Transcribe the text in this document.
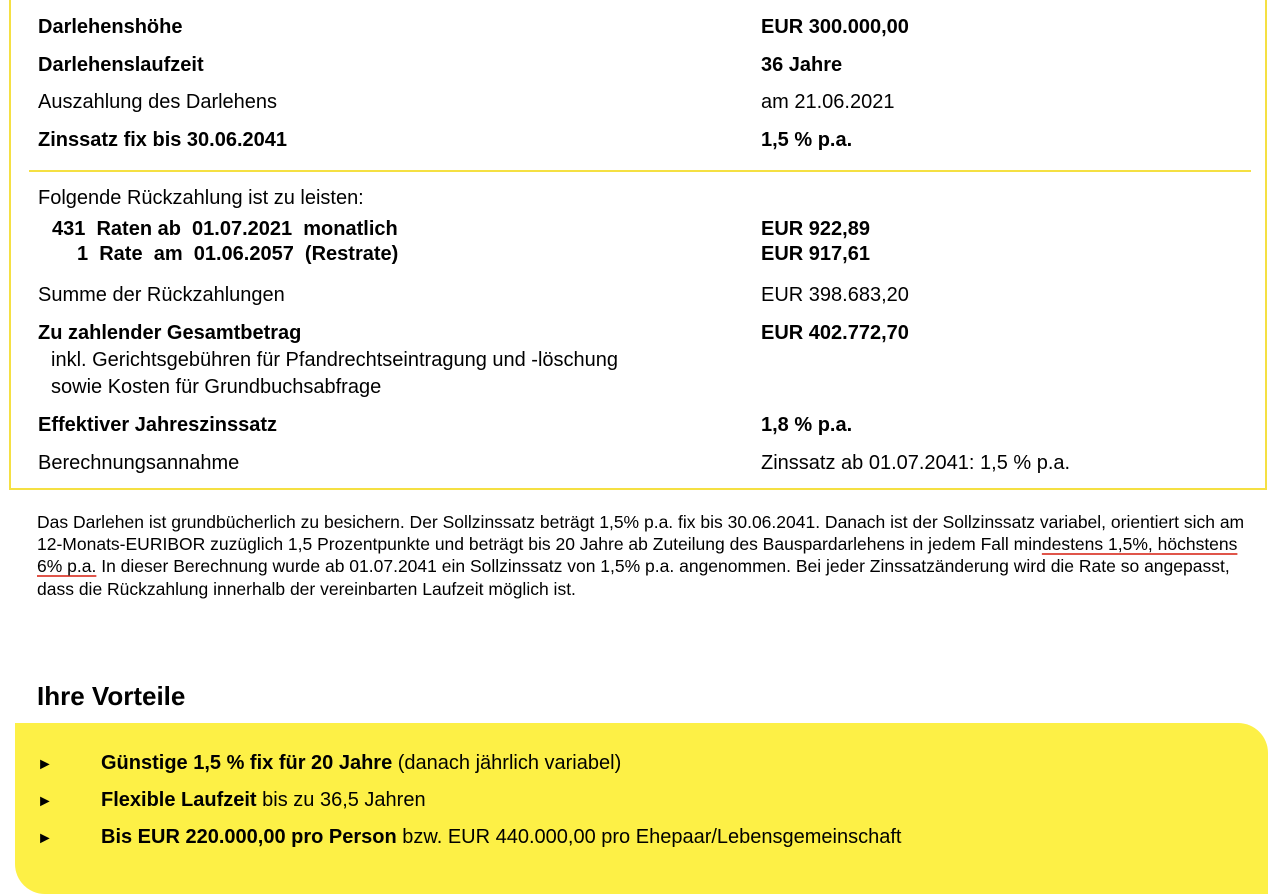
Darlehenshöhe	EUR 300.000,00
Darlehenslaufzeit	36 Jahre
Auszahlung des Darlehens	am 21.06.2021
Zinssatz fix bis 30.06.2041	1,5 % p.a.
Folgende Rückzahlung ist zu leisten:
431  Raten ab  01.07.2021  monatlich	EUR 922,89
1  Rate  am  01.06.2057  (Restrate)	EUR 917,61
Summe der Rückzahlungen	EUR 398.683,20
Zu zahlender Gesamtbetrag	EUR 402.772,70
inkl. Gerichtsgebühren für Pfandrechtseintragung und -löschung
sowie Kosten für Grundbuchsabfrage
Effektiver Jahreszinssatz	1,8 % p.a.
Berechnungsannahme	Zinssatz ab 01.07.2041: 1,5 % p.a.
Das Darlehen ist grundbücherlich zu besichern. Der Sollzinssatz beträgt 1,5% p.a. fix bis 30.06.2041. Danach ist der Sollzinssatz variabel, orientiert sich am 12-Monats-EURIBOR zuzüglich 1,5 Prozentpunkte und beträgt bis 20 Jahre ab Zuteilung des Bauspardarlehens in jedem Fall mindestens 1,5%, höchstens 6% p.a. In dieser Berechnung wurde ab 01.07.2041 ein Sollzinssatz von 1,5% p.a. angenommen. Bei jeder Zinssatzänderung wird die Rate so angepasst, dass die Rückzahlung innerhalb der vereinbarten Laufzeit möglich ist.
Ihre Vorteile
► Günstige 1,5 % fix für 20 Jahre (danach jährlich variabel)
► Flexible Laufzeit bis zu 36,5 Jahren
► Bis EUR 220.000,00 pro Person bzw. EUR 440.000,00 pro Ehepaar/Lebensgemeinschaft
